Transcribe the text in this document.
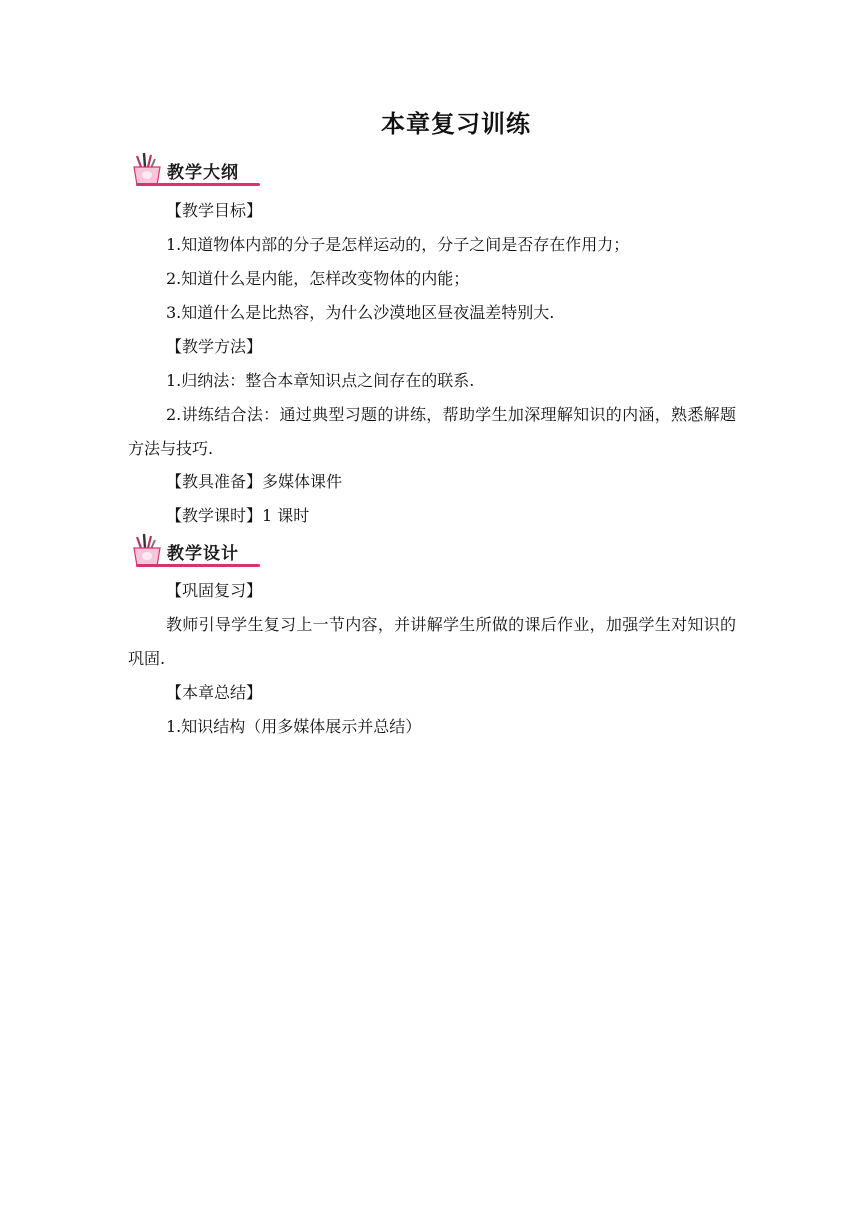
本章复习训练
教学大纲
【教学目标】
1.知道物体内部的分子是怎样运动的，分子之间是否存在作用力；
2.知道什么是内能，怎样改变物体的内能；
3.知道什么是比热容，为什么沙漠地区昼夜温差特别大.
【教学方法】
1.归纳法：整合本章知识点之间存在的联系.
2.讲练结合法：通过典型习题的讲练，帮助学生加深理解知识的内涵，熟悉解题方法与技巧.
【教具准备】多媒体课件
【教学课时】1 课时
教学设计
【巩固复习】
教师引导学生复习上一节内容，并讲解学生所做的课后作业，加强学生对知识的巩固.
【本章总结】
1.知识结构（用多媒体展示并总结）
